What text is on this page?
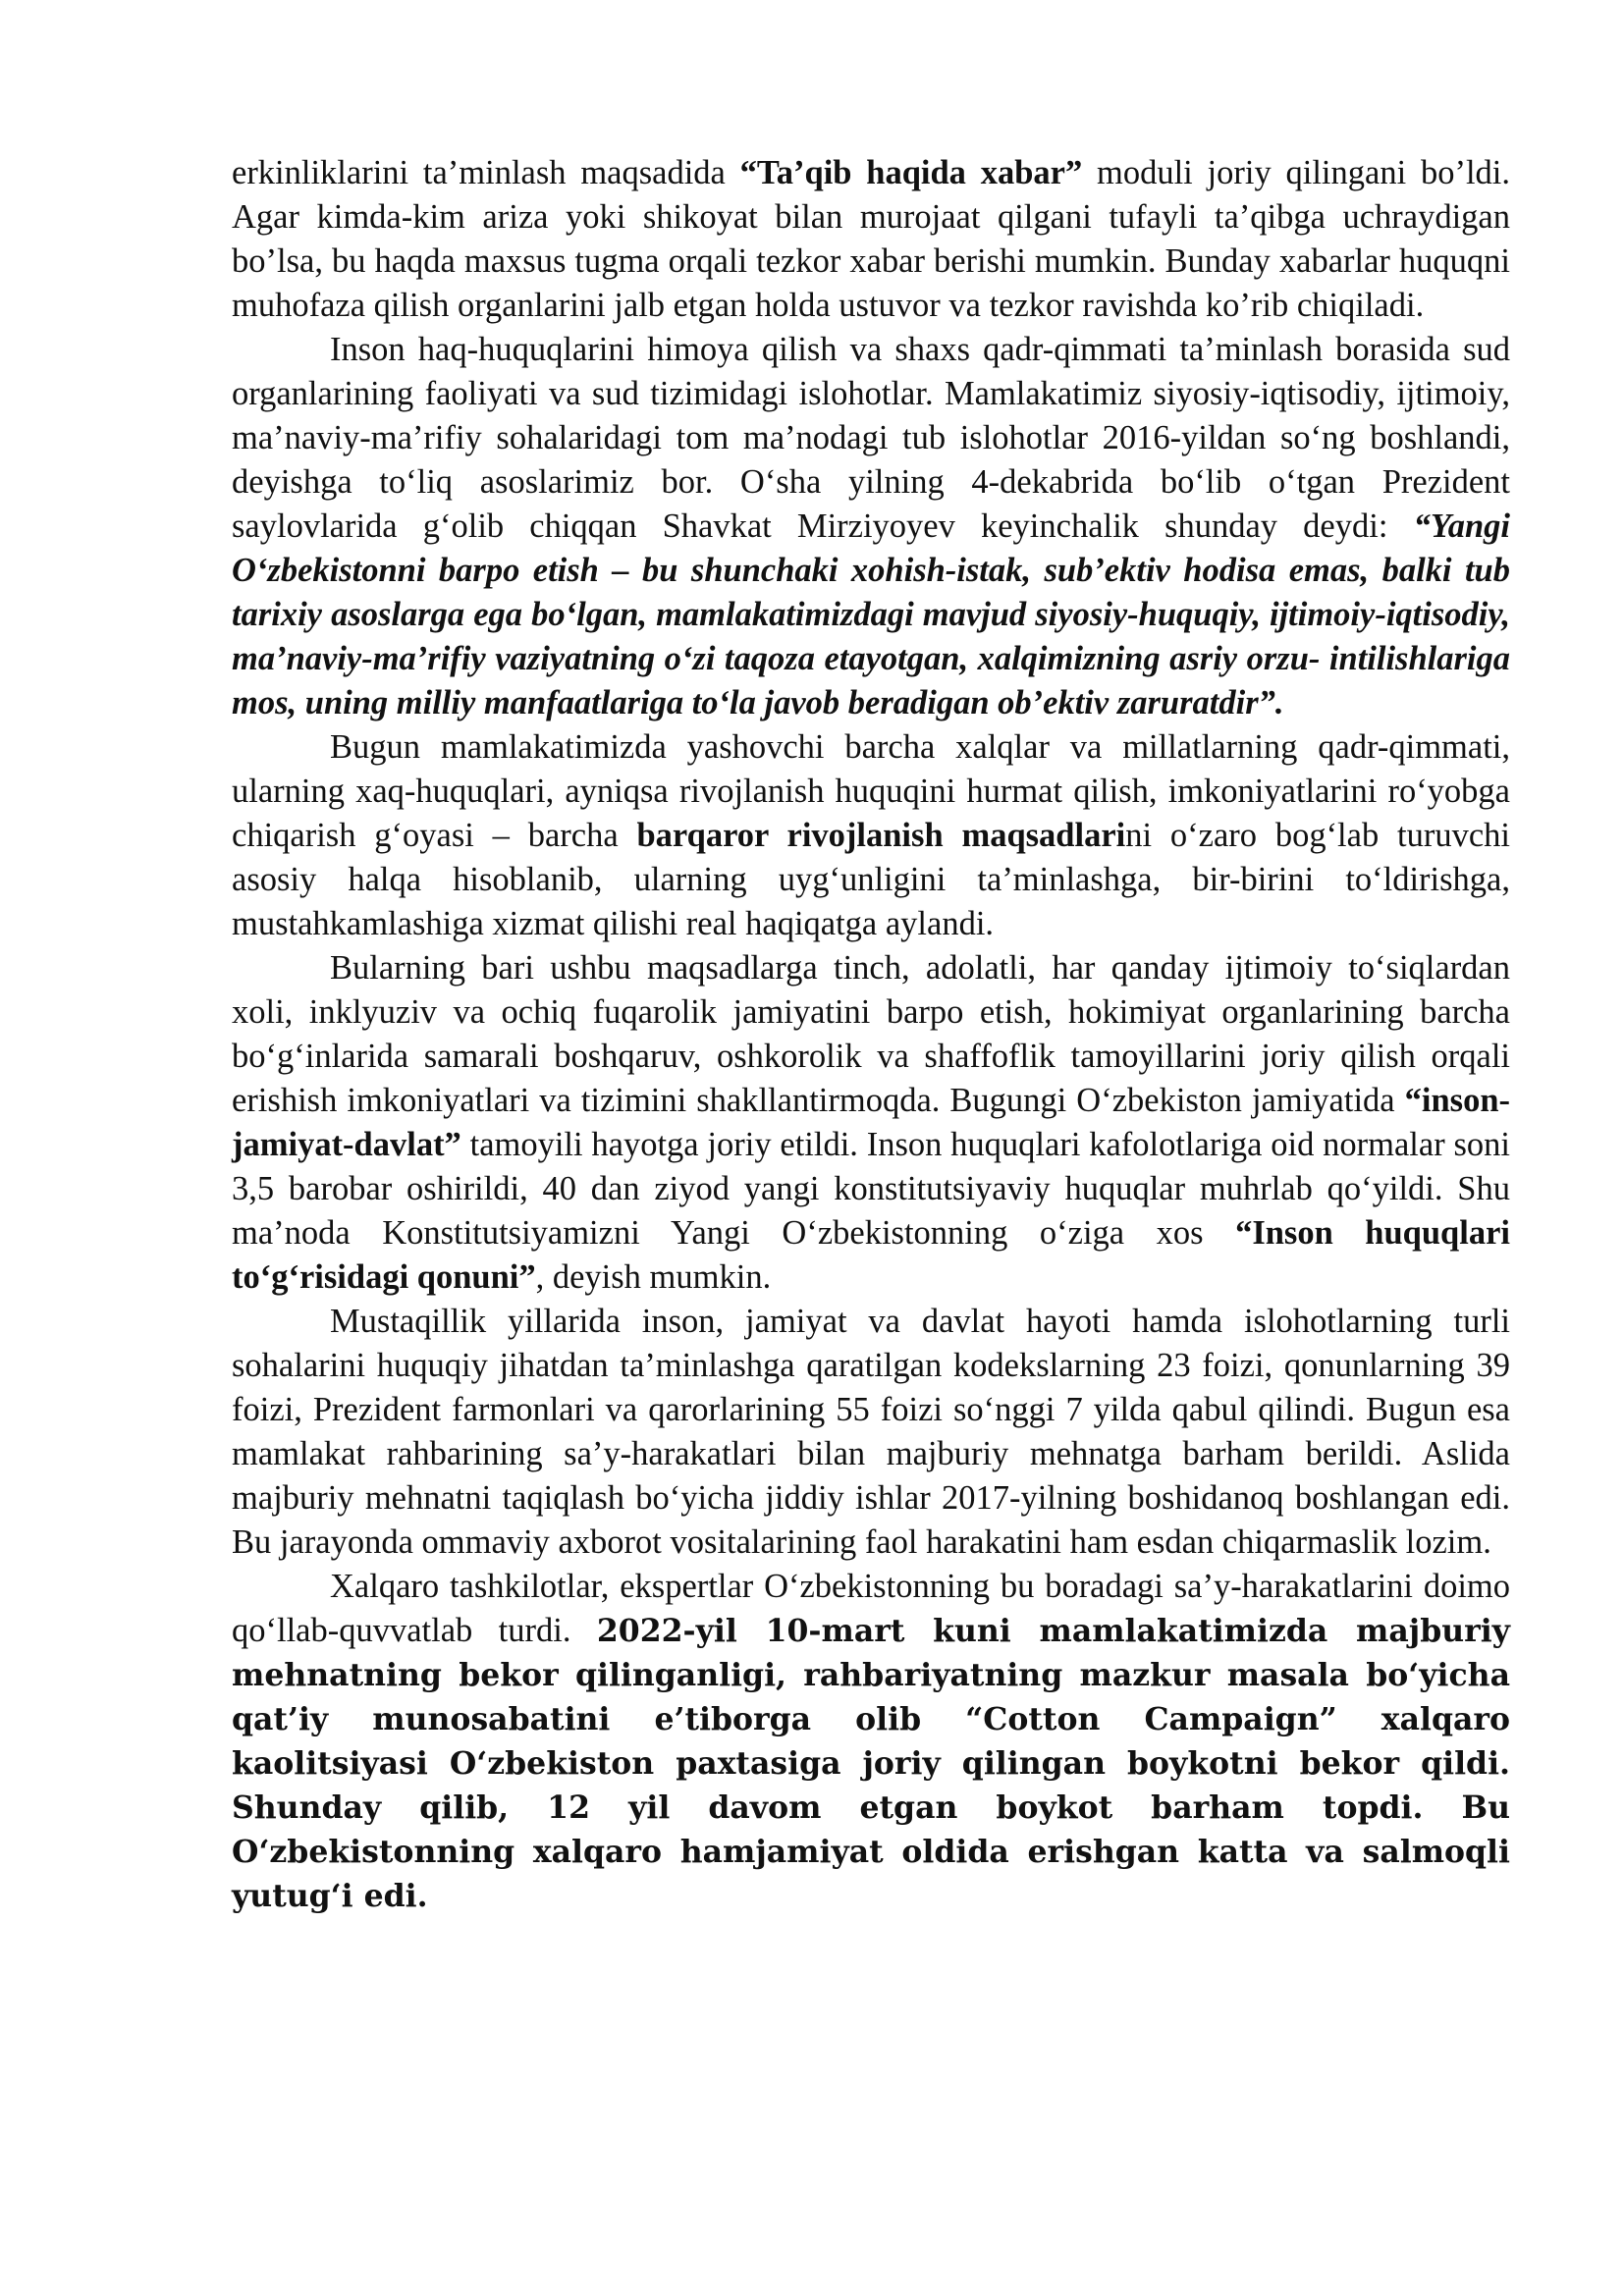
erkinliklarini ta’minlash maqsadida “Ta’qib haqida xabar” moduli joriy qilingani bo’ldi. Agar kimda-kim ariza yoki shikoyat bilan murojaat qilgani tufayli ta’qibga uchraydigan bo’lsa, bu haqda maxsus tugma orqali tezkor xabar berishi mumkin. Bunday xabarlar huquqni muhofaza qilish organlarini jalb etgan holda ustuvor va tezkor ravishda ko’rib chiqiladi.

Inson haq-huquqlarini himoya qilish va shaxs qadr-qimmati ta’minlash borasida sud organlarining faoliyati va sud tizimidagi islohotlar. Mamlakatimiz siyosiy-iqtisodiy, ijtimoiy, ma’naviy-ma’rifiy sohalaridagi tom ma’nodagi tub islohotlar 2016-yildan so‘ng boshlandi, deyishga to‘liq asoslarimiz bor. O‘sha yilning 4-dekabrida bo‘lib o‘tgan Prezident saylovlarida g‘olib chiqqan Shavkat Mirziyoyev keyinchalik shunday deydi: “Yangi O‘zbekistonni barpo etish – bu shunchaki xohish-istak, sub’ektiv hodisa emas, balki tub tarixiy asoslarga ega bo‘lgan, mamlakatimizdagi mavjud siyosiy-huquqiy, ijtimoiy-iqtisodiy, ma’naviy-ma’rifiy vaziyatning o‘zi taqoza etayotgan, xalqimizning asriy orzu- intilishlariga mos, uning milliy manfaatlariga to‘la javob beradigan ob’ektiv zaruratdir”.

Bugun mamlakatimizda yashovchi barcha xalqlar va millatlarning qadr-qimmati, ularning xaq-huquqlari, ayniqsa rivojlanish huquqini hurmat qilish, imkoniyatlarini ro‘yobga chiqarish g‘oyasi – barcha barqaror rivojlanish maqsadlarini o‘zaro bog‘lab turuvchi asosiy halqa hisoblanib, ularning uyg‘unligini ta’minlashga, bir-birini to‘ldirishga, mustahkamlashiga xizmat qilishi real haqiqatga aylandi.

Bularning bari ushbu maqsadlarga tinch, adolatli, har qanday ijtimoiy to‘siqlardan xoli, inklyuziv va ochiq fuqarolik jamiyatini barpo etish, hokimiyat organlarining barcha bo‘g‘inlarida samarali boshqaruv, oshkorolik va shaffoflik tamoyillarini joriy qilish orqali erishish imkoniyatlari va tizimini shakllantirmoqda. Bugungi O‘zbekiston jamiyatida “inson-jamiyat-davlat” tamoyili hayotga joriy etildi. Inson huquqlari kafolotlariga oid normalar soni 3,5 barobar oshirildi, 40 dan ziyod yangi konstitutsiyaviy huquqlar muhrlab qo‘yildi. Shu ma’noda Konstitutsiyamizni Yangi O‘zbekistonning o‘ziga xos “Inson huquqlari to‘g‘risidagi qonuni”, deyish mumkin.

Mustaqillik yillarida inson, jamiyat va davlat hayoti hamda islohotlarning turli sohalarini huquqiy jihatdan ta’minlashga qaratilgan kodekslarning 23 foizi, qonunlarning 39 foizi, Prezident farmonlari va qarorlarining 55 foizi so‘nggi 7 yilda qabul qilindi. Bugun esa mamlakat rahbarining sa’y-harakatlari bilan majburiy mehnatga barham berildi. Aslida majburiy mehnatni taqiqlash bo‘yicha jiddiy ishlar 2017-yilning boshidanoq boshlangan edi. Bu jarayonda ommaviy axborot vositalarining faol harakatini ham esdan chiqarmaslik lozim.

Xalqaro tashkilotlar, ekspertlar O‘zbekistonning bu boradagi sa’y-harakatlarini doimo qo‘llab-quvvatlab turdi. 2022-yil 10-mart kuni mamlakatimizda majburiy mehnatning bekor qilinganligi, rahbariyatning mazkur masala bo‘yicha qat’iy munosabatini e’tiborga olib “Cotton Campaign” xalqaro kaolitsiyasi O‘zbekiston paxtasiga joriy qilingan boykotni bekor qildi. Shunday qilib, 12 yil davom etgan boykot barham topdi. Bu O‘zbekistonning xalqaro hamjamiyat oldida erishgan katta va salmoqli yutug‘i edi.
